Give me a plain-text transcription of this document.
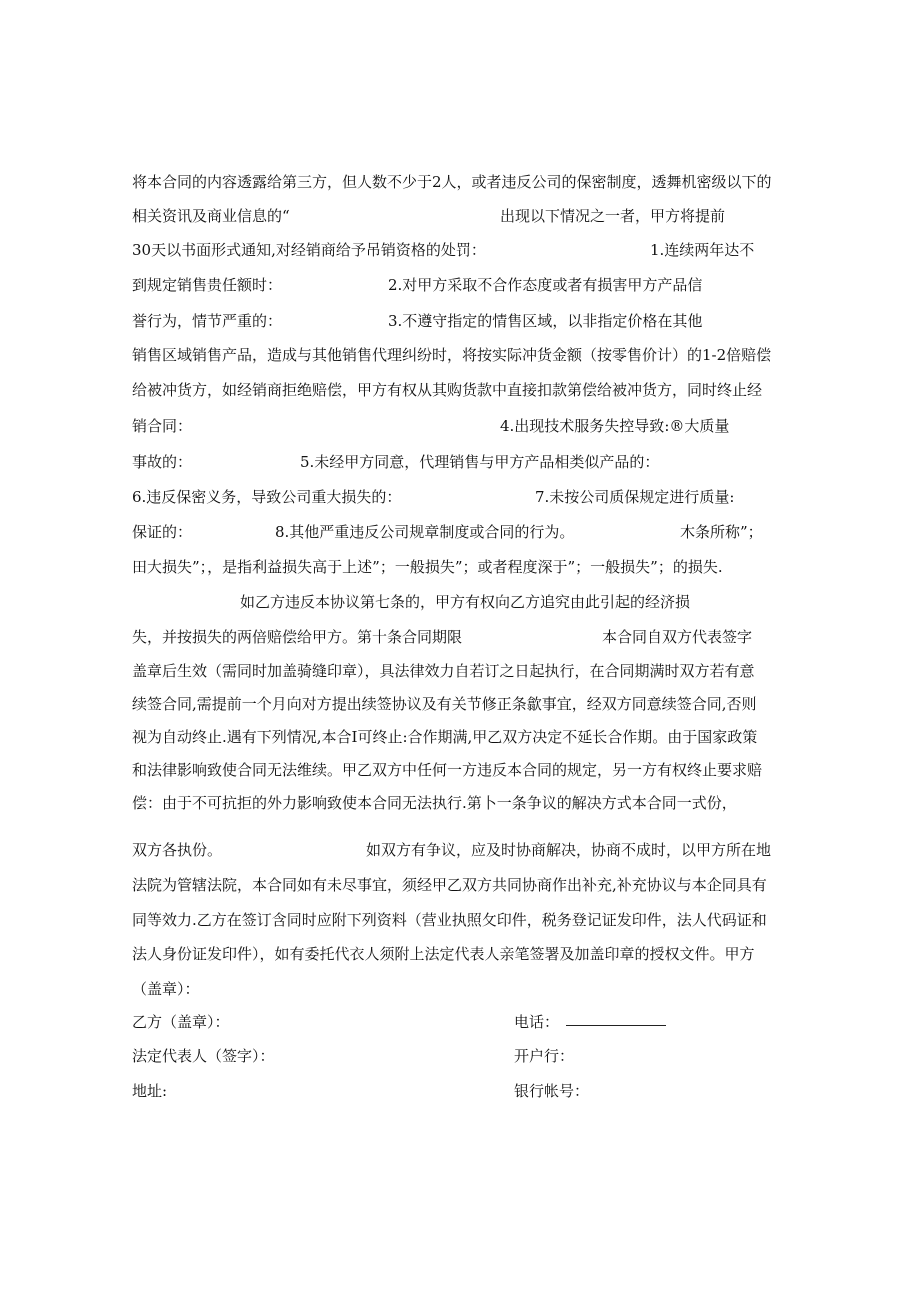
将本合同的内容透露给第三方，但人数不少于2人，或者违反公司的保密制度，透舞机密级以下的
相关资讯及商业信息的“	出现以下情况之一者，甲方将提前
30天以书面形式通知,对经销商给予吊销资格的处罚：	1.连续两年达不
到规定销售贵任额时：	2.对甲方采取不合作态度或者有损害甲方产品信
誉行为，情节严重的：	3.不遵守指定的情售区域，以非指定价格在其他
销售区域销售产品，造成与其他销售代理纠纷时，将按实际冲货金额（按零售价计）的1-2倍赔偿
给被冲货方，如经销商拒绝赔偿，甲方有权从其购货款中直接扣款第偿给被冲货方，同时终止经
销合同：	4.出现技术服务失控导致:®大质量
事故的：	5.未经甲方同意，代理销售与甲方产品相类似产品的：
6.违反保密义务，导致公司重大损失的：	7.未按公司质保规定进行质量:
保证的：	8.其他严重违反公司规章制度或合同的行为。	木条所称”；
田大损失”；，是指利益损失高于上述”；一般损失”；或者程度深于”；一般损失”；的损失.
如乙方违反本协议第七条的，甲方有权向乙方追究由此引起的经济损
失，并按损失的两倍赔偿给甲方。第十条合同期限	本合同自双方代表签字
盖章后生效（需同时加盖骑缝印章），具法律效力自若订之日起执行，在合同期满时双方若有意
续签合同,需提前一个月向对方提出续签协议及有关节修正条歙事宜，经双方同意续签合同,否则
视为自动终止.遇有下列情况,本合I可终止:合作期满,甲乙双方决定不延长合作期。由于国家政策
和法律影响致使合同无法维续。甲乙双方中任何一方违反本合同的规定，另一方有权终止要求赔
偿：由于不可抗拒的外力影响致使本合同无法执行.第卜一条争议的解决方式本合同一式份，
双方各执份。	如双方有争议，应及时协商解决，协商不成时，以甲方所在地
法院为管辖法院，本合同如有未尽事宜，须经甲乙双方共同协商作出补充,补充协议与本企同具有
同等效力.乙方在签订含同时应附下列资料（营业执照攵印件，税务登记证发印件，法人代码证和
法人身份证发印件），如有委托代衣人须附上法定代表人亲笔签署及加盖印章的授权文件。甲方
（盖章）：
乙方（盖章）：	电话：
法定代表人（签字）：	开户行：
地址:	银行帐号：
